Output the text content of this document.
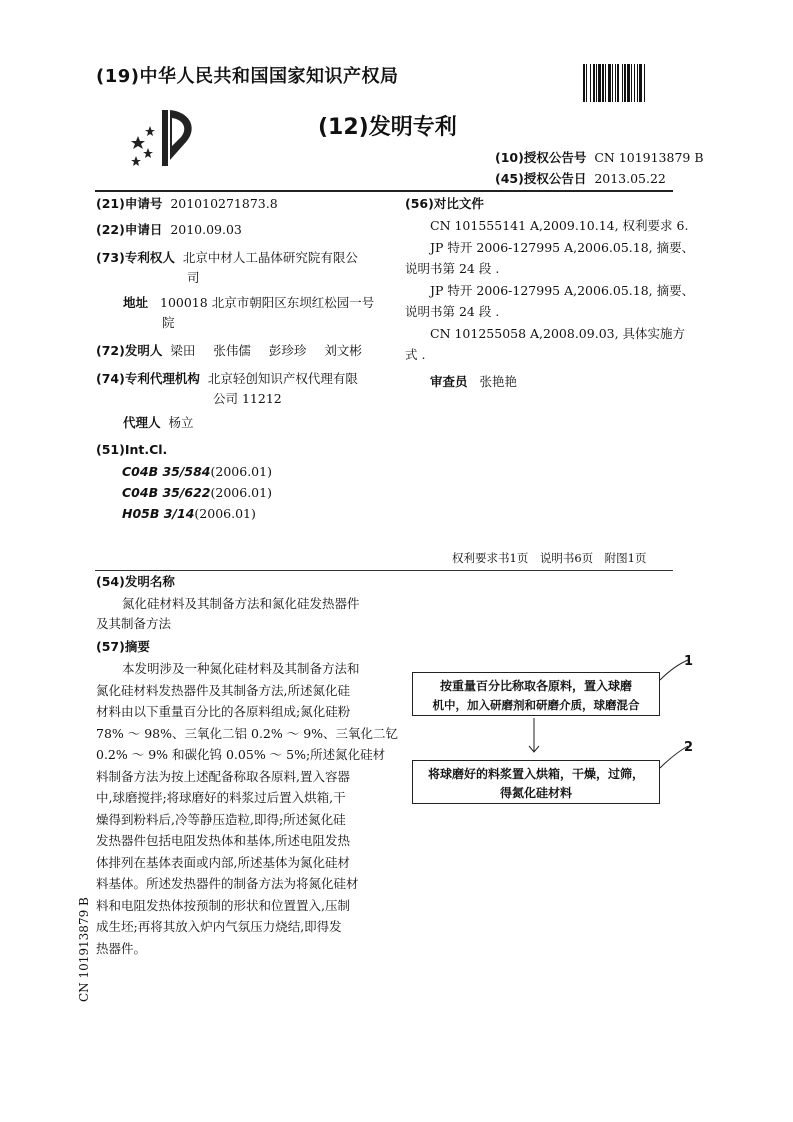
(19)中华人民共和国国家知识产权局
(12)发明专利
(10)授权公告号 CN 101913879 B
(45)授权公告日 2013.05.22
(21)申请号 201010271873.8
(22)申请日 2010.09.03
(73)专利权人 北京中材人工晶体研究院有限公
司
地址 100018 北京市朝阳区东坝红松园一号
院
(72)发明人 梁田 张伟儒 彭珍珍 刘文彬
(74)专利代理机构 北京轻创知识产权代理有限
公司 11212
代理人 杨立
(51)Int.Cl.
C04B 35/584(2006.01)
C04B 35/622(2006.01)
H05B 3/14(2006.01)
(56)对比文件
CN 101555141 A,2009.10.14, 权利要求 6.
JP 特开 2006-127995 A,2006.05.18, 摘要、
说明书第 24 段 .
JP 特开 2006-127995 A,2006.05.18, 摘要、
说明书第 24 段 .
CN 101255058 A,2008.09.03, 具体实施方
式 .
审查员 张艳艳
权利要求书1页　说明书6页　附图1页
(54)发明名称
氮化硅材料及其制备方法和氮化硅发热器件
及其制备方法
(57)摘要

本发明涉及一种氮化硅材料及其制备方法和

氮化硅材料发热器件及其制备方法,所述氮化硅

材料由以下重量百分比的各原料组成;氮化硅粉

78% ～ 98%、三氧化二铝 0.2% ～ 9%、三氧化二钇

0.2% ～ 9% 和碳化钨 0.05% ～ 5%;所述氮化硅材

料制备方法为按上述配备称取各原料,置入容器

中,球磨搅拌;将球磨好的料浆过后置入烘箱,干

燥得到粉料后,冷等静压造粒,即得;所述氮化硅

发热器件包括电阻发热体和基体,所述电阻发热

体排列在基体表面或内部,所述基体为氮化硅材

料基体。所述发热器件的制备方法为将氮化硅材

料和电阻发热体按预制的形状和位置置入,压制

成生坯;再将其放入炉内气氛压力烧结,即得发

热器件。

按重量百分比称取各原料，置入球磨
机中，加入研磨剂和研磨介质，球磨混合
将球磨好的料浆置入烘箱，干燥，过筛，
得氮化硅材料
1
2
CN 101913879 B
